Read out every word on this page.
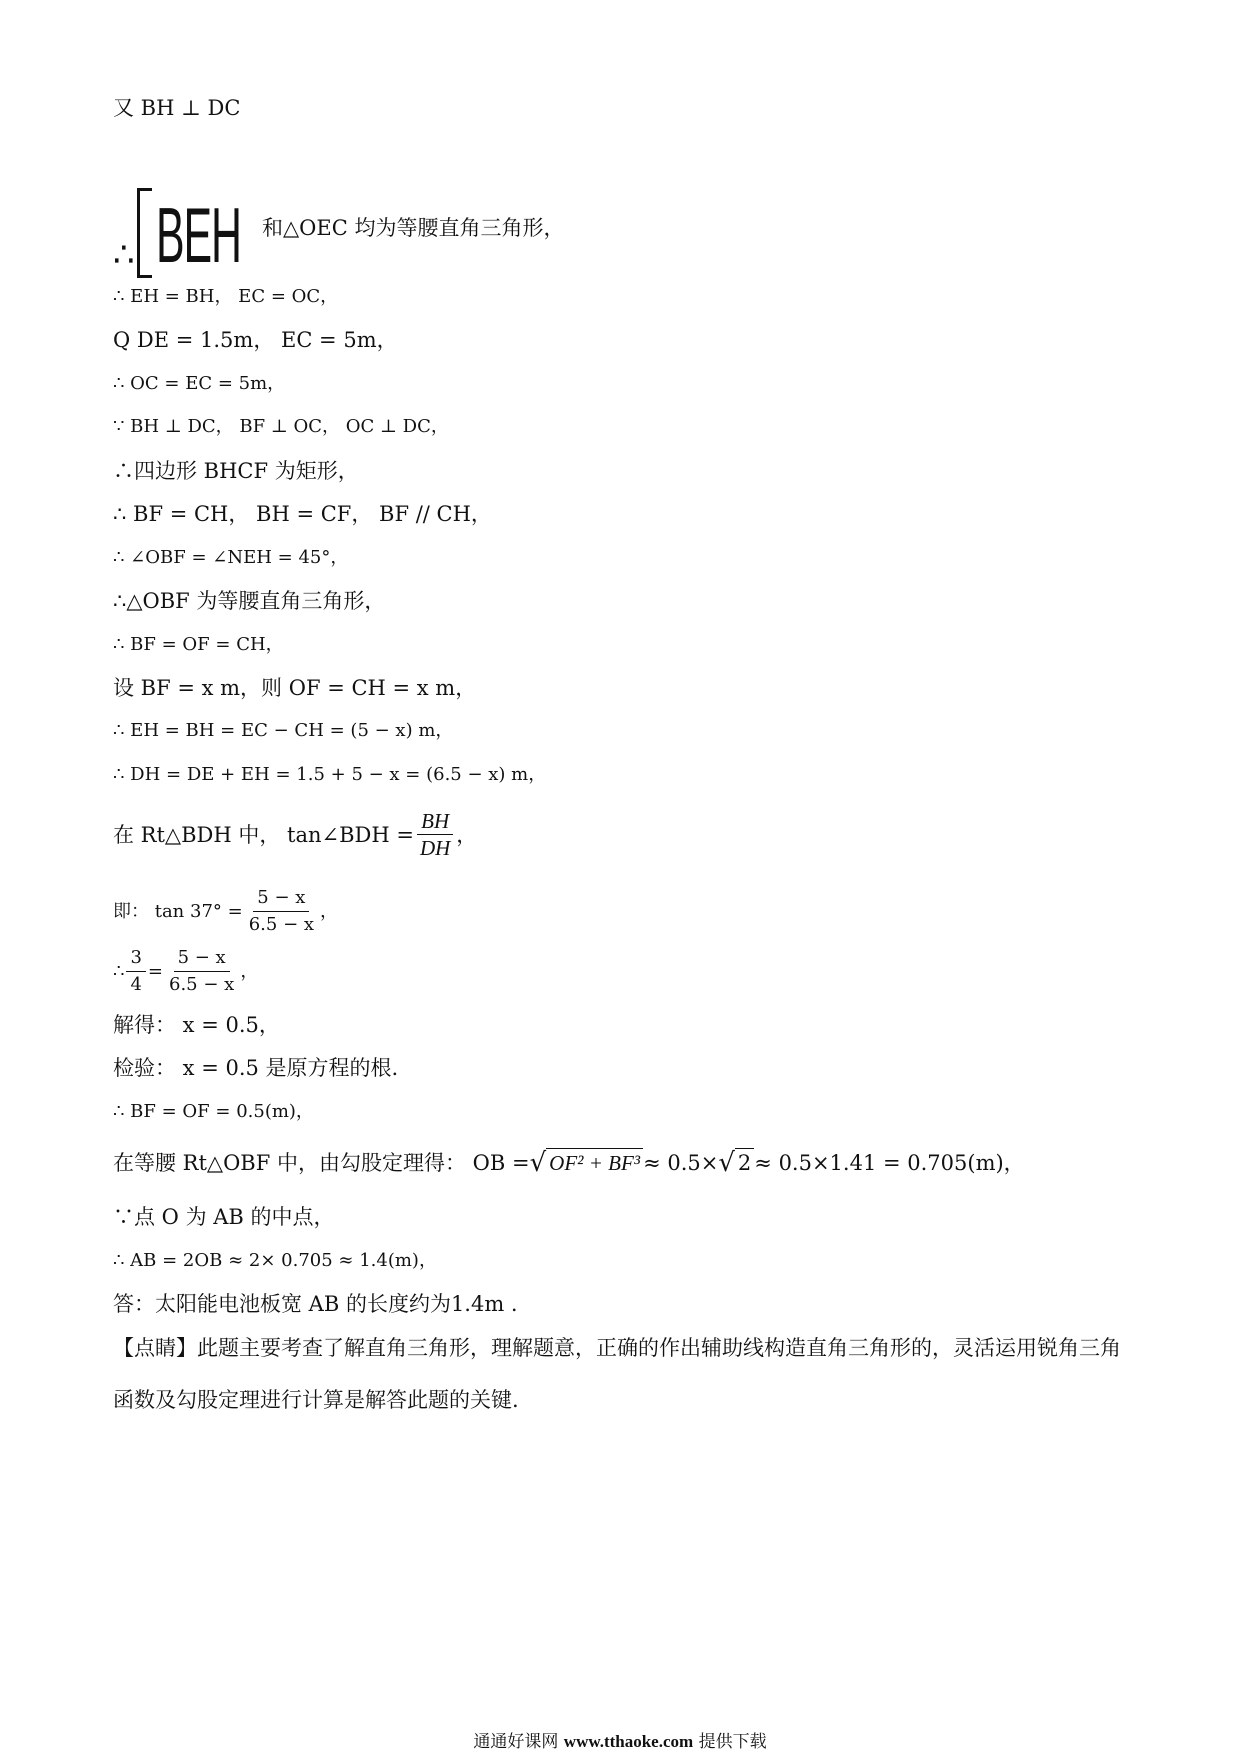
又 BH ⊥ DC
∴ BEH 和△OEC 均为等腰直角三角形，
∴ EH = BH， EC = OC，
Q DE = 1.5m， EC = 5m，
∴ OC = EC = 5m，
∵ BH ⊥ DC， BF ⊥ OC， OC ⊥ DC，
∴四边形 BHCF 为矩形，
∴ BF = CH， BH = CF， BF // CH，
∴ ∠OBF = ∠NEH = 45°，
∴△OBF 为等腰直角三角形，
∴ BF = OF = CH，
设 BF = x m，则 OF = CH = x m，
∴ EH = BH = EC − CH = (5 − x) m，
∴ DH = DE + EH = 1.5 + 5 − x = (6.5 − x) m，
在 Rt△BDH 中， tan∠BDH = $\frac{BH}{DH}$ ，
即： $\tan 37^\circ = \frac{5 - x}{6.5 - x}$ ，
∴ $\frac{3}{4} = \frac{5 - x}{6.5 - x}$ ，
解得： x = 0.5，
检验： x = 0.5 是原方程的根.
∴ BF = OF = 0.5(m)，
在等腰 Rt△OBF 中，由勾股定理得： OB = √ OF² + BF³ ≈ 0.5× √ 2 ≈ 0.5×1.41 = 0.705(m)，
∵点 O 为 AB 的中点，
∴ AB = 2OB ≈ 2× 0.705 ≈ 1.4(m)，
答：太阳能电池板宽 AB 的长度约为1.4m .
【点睛】此题主要考查了解直角三角形，理解题意，正确的作出辅助线构造直角三角形的，灵活运用锐角三角函数及勾股定理进行计算是解答此题的关键.
通通好课网 www.tthaoke.com 提供下载
